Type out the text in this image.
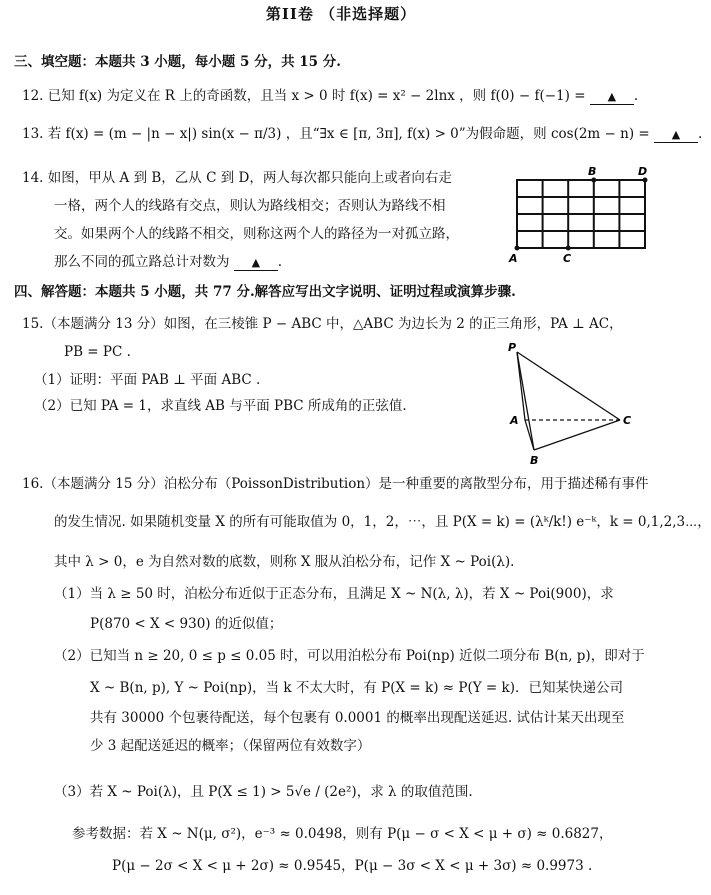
第II卷 （非选择题）
三、填空题：本题共 3 小题，每小题 5 分，共 15 分.
12. 已知 f(x) 为定义在 R 上的奇函数，且当 x > 0 时 f(x) = x² − 2lnx ，则 f(0) − f(−1) = ▲ .
13. 若 f(x) = (m − |n − x|) sin(x − π/3) ，且“∃x ∈ [π, 3π], f(x) > 0”为假命题，则 cos(2m − n) = ▲ .
14. 如图，甲从 A 到 B，乙从 C 到 D，两人每次都只能向上或者向右走
一格，两个人的线路有交点，则认为路线相交；否则认为路线不相
交。如果两个人的线路不相交，则称这两个人的路径为一对孤立路，
那么不同的孤立路总计对数为 ▲ .	A	C
B	D
四、解答题：本题共 5 小题，共 77 分.解答应写出文字说明、证明过程或演算步骤.
15.（本题满分 13 分）如图，在三棱锥 P − ABC 中，△ABC 为边长为 2 的正三角形，PA ⊥ AC，
PB = PC .
（1）证明：平面 PAB ⊥ 平面 ABC .
（2）已知 PA = 1，求直线 AB 与平面 PBC 所成角的正弦值.
P
A
B
C
16.（本题满分 15 分）泊松分布（PoissonDistribution）是一种重要的离散型分布，用于描述稀有事件
的发生情况. 如果随机变量 X 的所有可能取值为 0，1，2，⋯，且 P(X = k) = (λᵏ/k!) e⁻ᵏ，k = 0,1,2,3⋯，
其中 λ > 0，e 为自然对数的底数，则称 X 服从泊松分布，记作 X ~ Poi(λ).
（1）当 λ ≥ 50 时，泊松分布近似于正态分布，且满足 X ~ N(λ, λ)，若 X ~ Poi(900)，求
P(870 < X < 930) 的近似值；
（2）已知当 n ≥ 20, 0 ≤ p ≤ 0.05 时，可以用泊松分布 Poi(np) 近似二项分布 B(n, p)，即对于
X ~ B(n, p), Y ~ Poi(np)，当 k 不太大时，有 P(X = k) ≈ P(Y = k)．已知某快递公司
共有 30000 个包裹待配送，每个包裹有 0.0001 的概率出现配送延迟. 试估计某天出现至
少 3 起配送延迟的概率；（保留两位有效数字）
（3）若 X ~ Poi(λ)，且 P(X ≤ 1) > 5√e / (2e²)，求 λ 的取值范围.
参考数据：若 X ~ N(μ, σ²)，e⁻³ ≈ 0.0498，则有 P(μ − σ < X < μ + σ) ≈ 0.6827，
P(μ − 2σ < X < μ + 2σ) ≈ 0.9545，P(μ − 3σ < X < μ + 3σ) ≈ 0.9973 .
